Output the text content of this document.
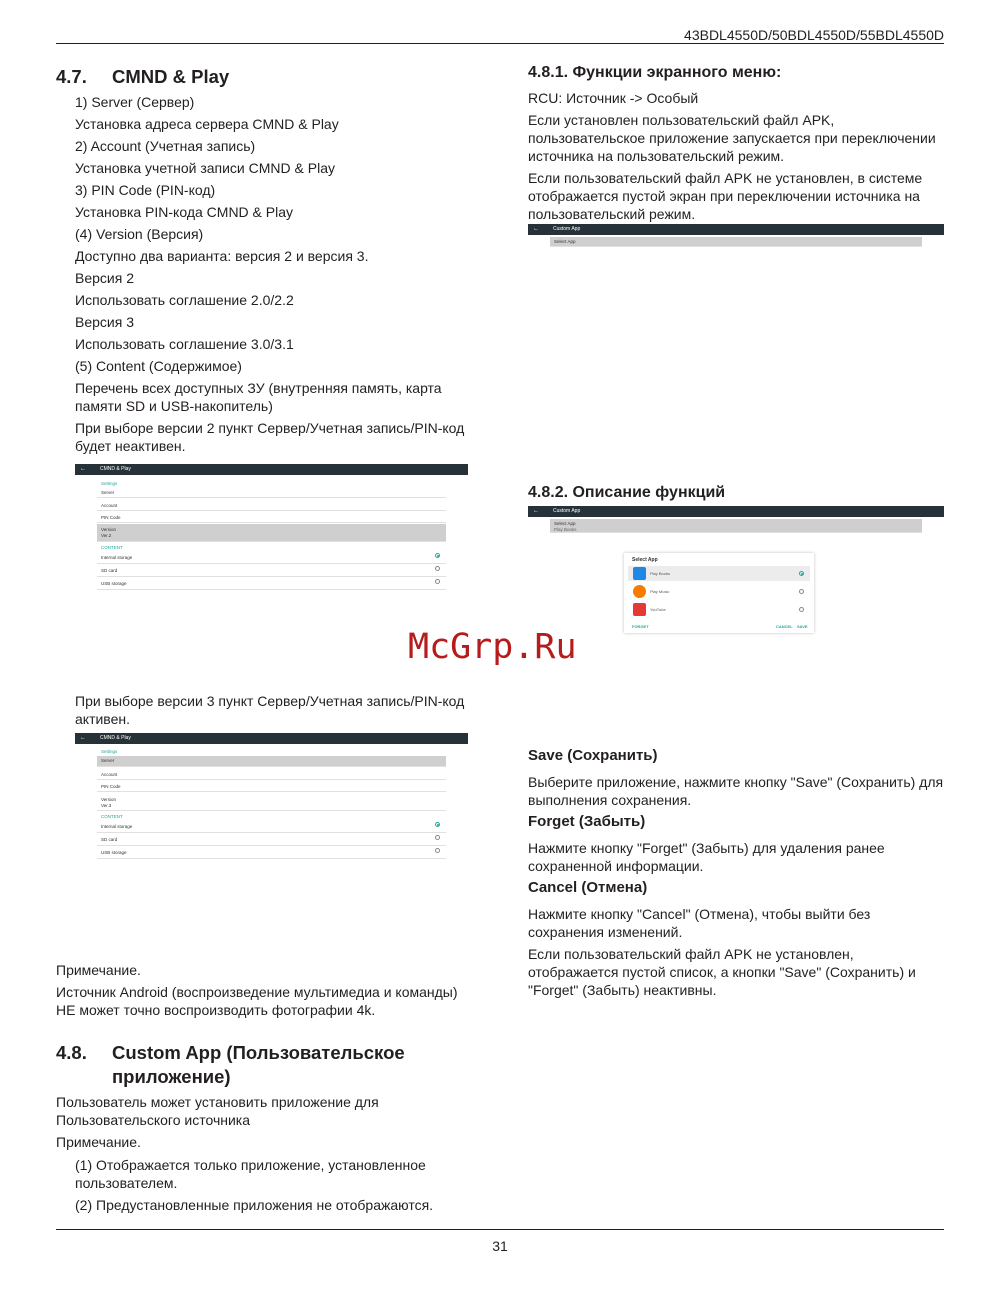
43BDL4550D/50BDL4550D/55BDL4550D
4.7. CMND & Play

1) Server (Сервер)

Установка адреса сервера CMND & Play

2) Account (Учетная запись)

Установка учетной записи CMND & Play

3) PIN Code (PIN-код)

Установка PIN-кода CMND & Play

(4) Version (Версия)

Доступно два варианта: версия 2 и версия 3.

Версия 2

Использовать соглашение 2.0/2.2

Версия 3

Использовать соглашение 3.0/3.1

(5) Content (Содержимое)

Перечень всех доступных ЗУ (внутренняя память, карта памяти SD и USB-накопитель)

При выборе версии 2 пункт Сервер/Учетная запись/PIN-код будет неактивен.

←	CMND & Play
Settings
Server
Account
PIN Code
Version
Ver.2
CONTENT
Internal storage
SD card
USB storage

При выборе версии 3 пункт Сервер/Учетная запись/PIN-код активен.

←	CMND & Play
Settings
Server
Account
PIN Code
Version
Ver.3
CONTENT
Internal storage
SD card
USB storage

Примечание.

Источник Android (воспроизведение мультимедиа и команды) НЕ может точно воспроизводить фотографии 4k.

4.8. Custom App (Пользовательское
приложение)

Пользователь может установить приложение для Пользовательского источника

Примечание.

(1) Отображается только приложение, установленное пользователем.

(2) Предустановленные приложения не отображаются.

4.8.1. Функции экранного меню:

RCU: Источник -> Особый

Если установлен пользовательский файл APK, пользовательское приложение запускается при переключении источника на пользовательский режим.

Если пользовательский файл APK не установлен, в системе отображается пустой экран при переключении источника на пользовательский режим.

←	Custom App
Select App
4.8.2. Описание функций
←	Custom App
Select App
Play Books
Select App
Play Books
Play Music
YouTube
FORGET	CANCEL SAVE
McGrp.Ru
Save (Сохранить)

Выберите приложение, нажмите кнопку "Save" (Сохранить) для выполнения сохранения.

Forget (Забыть)

Нажмите кнопку "Forget" (Забыть) для удаления ранее сохраненной информации.

Cancel (Отмена)

Нажмите кнопку "Cancel" (Отмена), чтобы выйти без сохранения изменений.

Если пользовательский файл APK не установлен, отображается пустой список, а кнопки "Save" (Сохранить) и "Forget" (Забыть) неактивны.

31
